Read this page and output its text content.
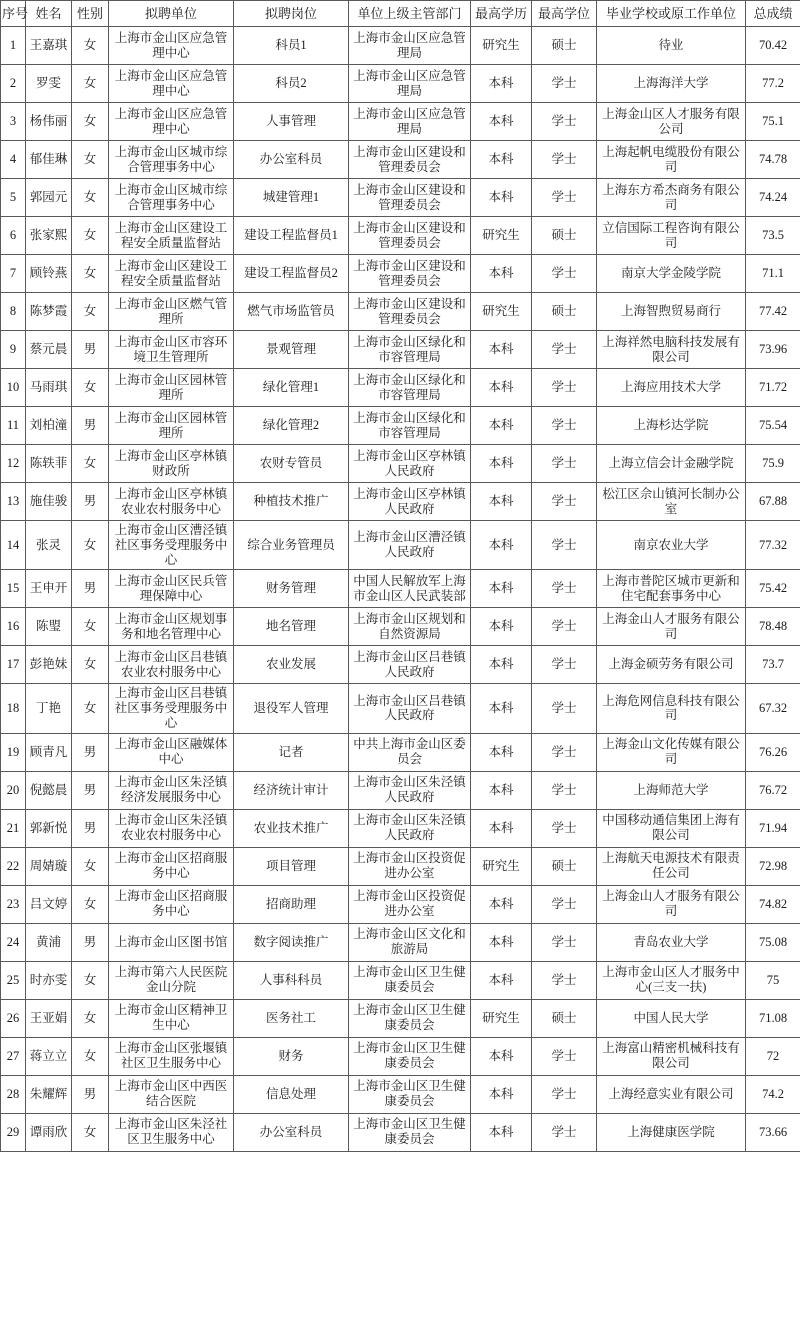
序号	姓名	性别	拟聘单位	拟聘岗位	单位上级主管部门	最高学历	最高学位	毕业学校或原工作单位	总成绩
1	王嘉琪	女	上海市金山区应急管理中心	科员1	上海市金山区应急管理局	研究生	硕士	待业	70.42
2	罗雯	女	上海市金山区应急管理中心	科员2	上海市金山区应急管理局	本科	学士	上海海洋大学	77.2
3	杨伟丽	女	上海市金山区应急管理中心	人事管理	上海市金山区应急管理局	本科	学士	上海金山区人才服务有限公司	75.1
4	郁佳琳	女	上海市金山区城市综合管理事务中心	办公室科员	上海市金山区建设和管理委员会	本科	学士	上海起帆电缆股份有限公司	74.78
5	郭园元	女	上海市金山区城市综合管理事务中心	城建管理1	上海市金山区建设和管理委员会	本科	学士	上海东方希杰商务有限公司	74.24
6	张家熙	女	上海市金山区建设工程安全质量监督站	建设工程监督员1	上海市金山区建设和管理委员会	研究生	硕士	立信国际工程咨询有限公司	73.5
7	顾铃燕	女	上海市金山区建设工程安全质量监督站	建设工程监督员2	上海市金山区建设和管理委员会	本科	学士	南京大学金陵学院	71.1
8	陈梦霞	女	上海市金山区燃气管理所	燃气市场监管员	上海市金山区建设和管理委员会	研究生	硕士	上海智煦贸易商行	77.42
9	蔡元晨	男	上海市金山区市容环境卫生管理所	景观管理	上海市金山区绿化和市容管理局	本科	学士	上海祥然电脑科技发展有限公司	73.96
10	马雨琪	女	上海市金山区园林管理所	绿化管理1	上海市金山区绿化和市容管理局	本科	学士	上海应用技术大学	71.72
11	刘柏潼	男	上海市金山区园林管理所	绿化管理2	上海市金山区绿化和市容管理局	本科	学士	上海杉达学院	75.54
12	陈轶菲	女	上海市金山区亭林镇财政所	农财专管员	上海市金山区亭林镇人民政府	本科	学士	上海立信会计金融学院	75.9
13	施佳骏	男	上海市金山区亭林镇农业农村服务中心	种植技术推广	上海市金山区亭林镇人民政府	本科	学士	松江区佘山镇河长制办公室	67.88
14	张灵	女	上海市金山区漕泾镇社区事务受理服务中心	综合业务管理员	上海市金山区漕泾镇人民政府	本科	学士	南京农业大学	77.32
15	王申开	男	上海市金山区民兵管理保障中心	财务管理	中国人民解放军上海市金山区人民武装部	本科	学士	上海市普陀区城市更新和住宅配套事务中心	75.42
16	陈琞	女	上海市金山区规划事务和地名管理中心	地名管理	上海市金山区规划和自然资源局	本科	学士	上海金山人才服务有限公司	78.48
17	彭艳妹	女	上海市金山区吕巷镇农业农村服务中心	农业发展	上海市金山区吕巷镇人民政府	本科	学士	上海金硕劳务有限公司	73.7
18	丁艳	女	上海市金山区吕巷镇社区事务受理服务中心	退役军人管理	上海市金山区吕巷镇人民政府	本科	学士	上海危网信息科技有限公司	67.32
19	顾青凡	男	上海市金山区融媒体中心	记者	中共上海市金山区委员会	本科	学士	上海金山文化传媒有限公司	76.26
20	倪懿晨	男	上海市金山区朱泾镇经济发展服务中心	经济统计审计	上海市金山区朱泾镇人民政府	本科	学士	上海师范大学	76.72
21	郭新悦	男	上海市金山区朱泾镇农业农村服务中心	农业技术推广	上海市金山区朱泾镇人民政府	本科	学士	中国移动通信集团上海有限公司	71.94
22	周婧璇	女	上海市金山区招商服务中心	项目管理	上海市金山区投资促进办公室	研究生	硕士	上海航天电源技术有限责任公司	72.98
23	吕文婷	女	上海市金山区招商服务中心	招商助理	上海市金山区投资促进办公室	本科	学士	上海金山人才服务有限公司	74.82
24	黄浦	男	上海市金山区图书馆	数字阅读推广	上海市金山区文化和旅游局	本科	学士	青岛农业大学	75.08
25	时亦雯	女	上海市第六人民医院金山分院	人事科科员	上海市金山区卫生健康委员会	本科	学士	上海市金山区人才服务中心(三支一扶)	75
26	王亚娟	女	上海市金山区精神卫生中心	医务社工	上海市金山区卫生健康委员会	研究生	硕士	中国人民大学	71.08
27	蒋立立	女	上海市金山区张堰镇社区卫生服务中心	财务	上海市金山区卫生健康委员会	本科	学士	上海富山精密机械科技有限公司	72
28	朱耀辉	男	上海市金山区中西医结合医院	信息处理	上海市金山区卫生健康委员会	本科	学士	上海经意实业有限公司	74.2
29	谭雨欣	女	上海市金山区朱泾社区卫生服务中心	办公室科员	上海市金山区卫生健康委员会	本科	学士	上海健康医学院	73.66
